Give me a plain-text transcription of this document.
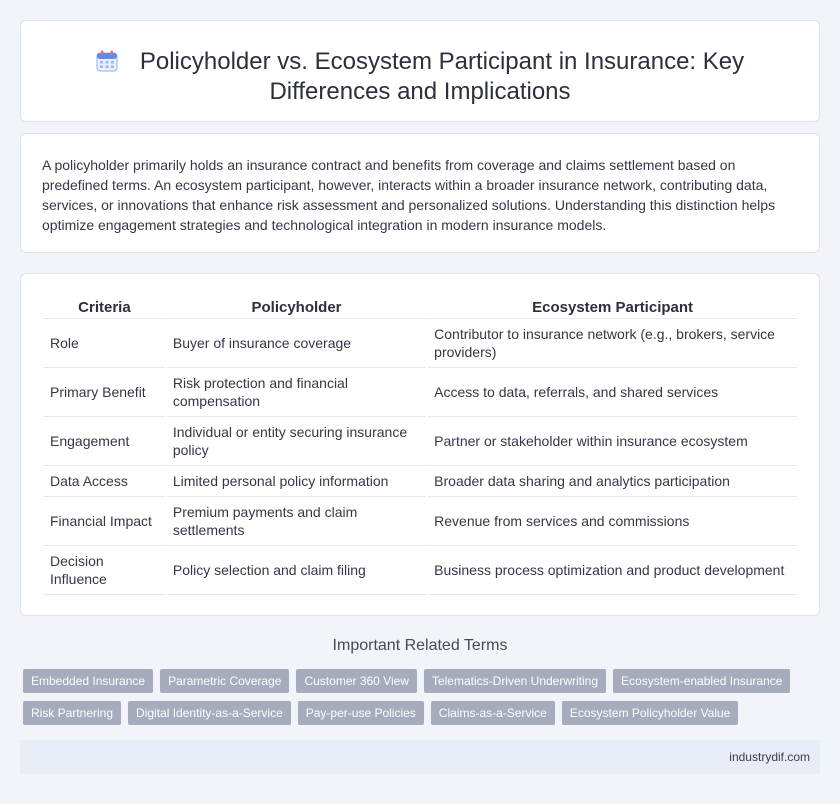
Policyholder vs. Ecosystem Participant in Insurance: Key
Differences and Implications

A policyholder primarily holds an insurance contract and benefits from coverage and claims settlement based on predefined terms. An ecosystem participant, however, interacts within a broader insurance network, contributing data, services, or innovations that enhance risk assessment and personalized solutions. Understanding this distinction helps optimize engagement strategies and technological integration in modern insurance models.

Criteria	Policyholder	Ecosystem Participant
Role	Buyer of insurance coverage	Contributor to insurance network (e.g., brokers, service providers)
Primary Benefit	Risk protection and financial compensation	Access to data, referrals, and shared services
Engagement	Individual or entity securing insurance policy	Partner or stakeholder within insurance ecosystem
Data Access	Limited personal policy information	Broader data sharing and analytics participation
Financial Impact	Premium payments and claim settlements	Revenue from services and commissions
Decision Influence	Policy selection and claim filing	Business process optimization and product development
Important Related Terms
Embedded Insurance	Parametric Coverage	Customer 360 View	Telematics-Driven Underwriting	Ecosystem-enabled Insurance
Risk Partnering	Digital Identity-as-a-Service	Pay-per-use Policies	Claims-as-a-Service	Ecosystem Policyholder Value
industrydif.com
